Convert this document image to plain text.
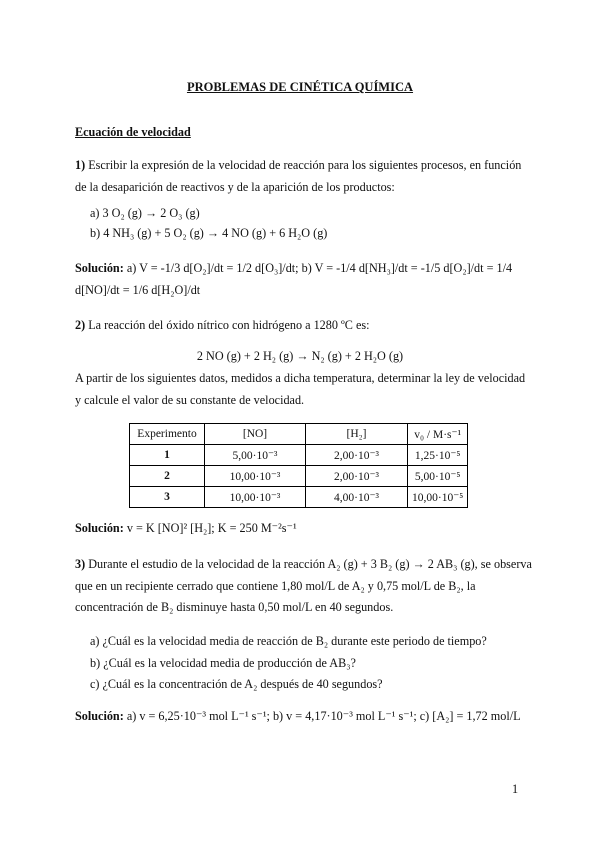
PROBLEMAS DE CINÉTICA QUÍMICA
Ecuación de velocidad
1) Escribir la expresión de la velocidad de reacción para los siguientes procesos, en función
de la desaparición de reactivos y de la aparición de los productos:
a) 3 O₂ (g) → 2 O₃ (g)
b) 4 NH₃ (g) + 5 O₂ (g) → 4 NO (g) + 6 H₂O (g)
Solución: a) V = -1/3 d[O₂]/dt = 1/2 d[O₃]/dt; b) V = -1/4 d[NH₃]/dt = -1/5 d[O₂]/dt = 1/4
d[NO]/dt = 1/6 d[H₂O]/dt
2) La reacción del óxido nítrico con hidrógeno a 1280 ºC es:
2 NO (g) + 2 H₂ (g) → N₂ (g) + 2 H₂O (g)
A partir de los siguientes datos, medidos a dicha temperatura, determinar la ley de velocidad
y calcule el valor de su constante de velocidad.
Experimento	[NO]	[H₂]	v₀ / M·s⁻¹
1	5,00·10⁻³	2,00·10⁻³	1,25·10⁻⁵
2	10,00·10⁻³	2,00·10⁻³	5,00·10⁻⁵
3	10,00·10⁻³	4,00·10⁻³	10,00·10⁻⁵
Solución: v = K [NO]² [H₂]; K = 250 M⁻²s⁻¹
3) Durante el estudio de la velocidad de la reacción A₂ (g) + 3 B₂ (g) → 2 AB₃ (g), se observa
que en un recipiente cerrado que contiene 1,80 mol/L de A₂ y 0,75 mol/L de B₂, la
concentración de B₂ disminuye hasta 0,50 mol/L en 40 segundos.
a) ¿Cuál es la velocidad media de reacción de B₂ durante este periodo de tiempo?
b) ¿Cuál es la velocidad media de producción de AB₃?
c) ¿Cuál es la concentración de A₂ después de 40 segundos?
Solución: a) v = 6,25·10⁻³ mol L⁻¹ s⁻¹; b) v = 4,17·10⁻³ mol L⁻¹ s⁻¹; c) [A₂] = 1,72 mol/L
1
